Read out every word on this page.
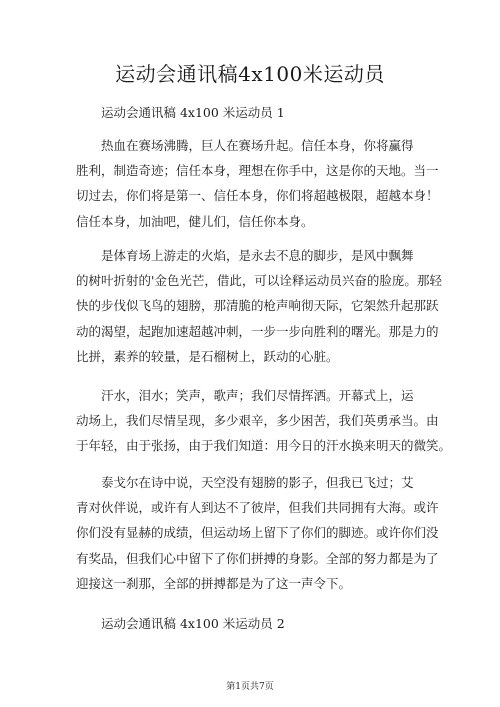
运动会通讯稿4x100米运动员
运动会通讯稿 4x100 米运动员 1
　　热血在赛场沸腾，巨人在赛场升起。信任本身，你将赢得
胜利，制造奇迹；信任本身，理想在你手中，这是你的天地。当一
切过去，你们将是第一、信任本身，你们将超越极限，超越本身！
信任本身，加油吧，健儿们，信任你本身。
　　是体育场上游走的火焰，是永去不息的脚步，是风中飘舞
的树叶折射的'金色光芒，借此，可以诠释运动员兴奋的脸庞。那轻
快的步伐似飞鸟的翅膀，那清脆的枪声响彻天际，它架然升起那跃
动的渴望，起跑加速超越冲刺，一步一步向胜利的曙光。那是力的
比拼，素养的较量，是石榴树上，跃动的心脏。
　　汗水，泪水；笑声，歌声；我们尽情挥洒。开幕式上，运
动场上，我们尽情呈现，多少艰辛，多少困苦，我们英勇承当。由
于年轻，由于张扬，由于我们知道：用今日的汗水换来明天的微笑。
　　泰戈尔在诗中说，天空没有翅膀的影子，但我已飞过；艾
青对伙伴说，或许有人到达不了彼岸，但我们共同拥有大海。或许
你们没有显赫的成绩，但运动场上留下了你们的脚迹。或许你们没
有奖品，但我们心中留下了你们拼搏的身影。全部的努力都是为了
迎接这一刹那，全部的拼搏都是为了这一声令下。
运动会通讯稿 4x100 米运动员 2
第1页共7页
